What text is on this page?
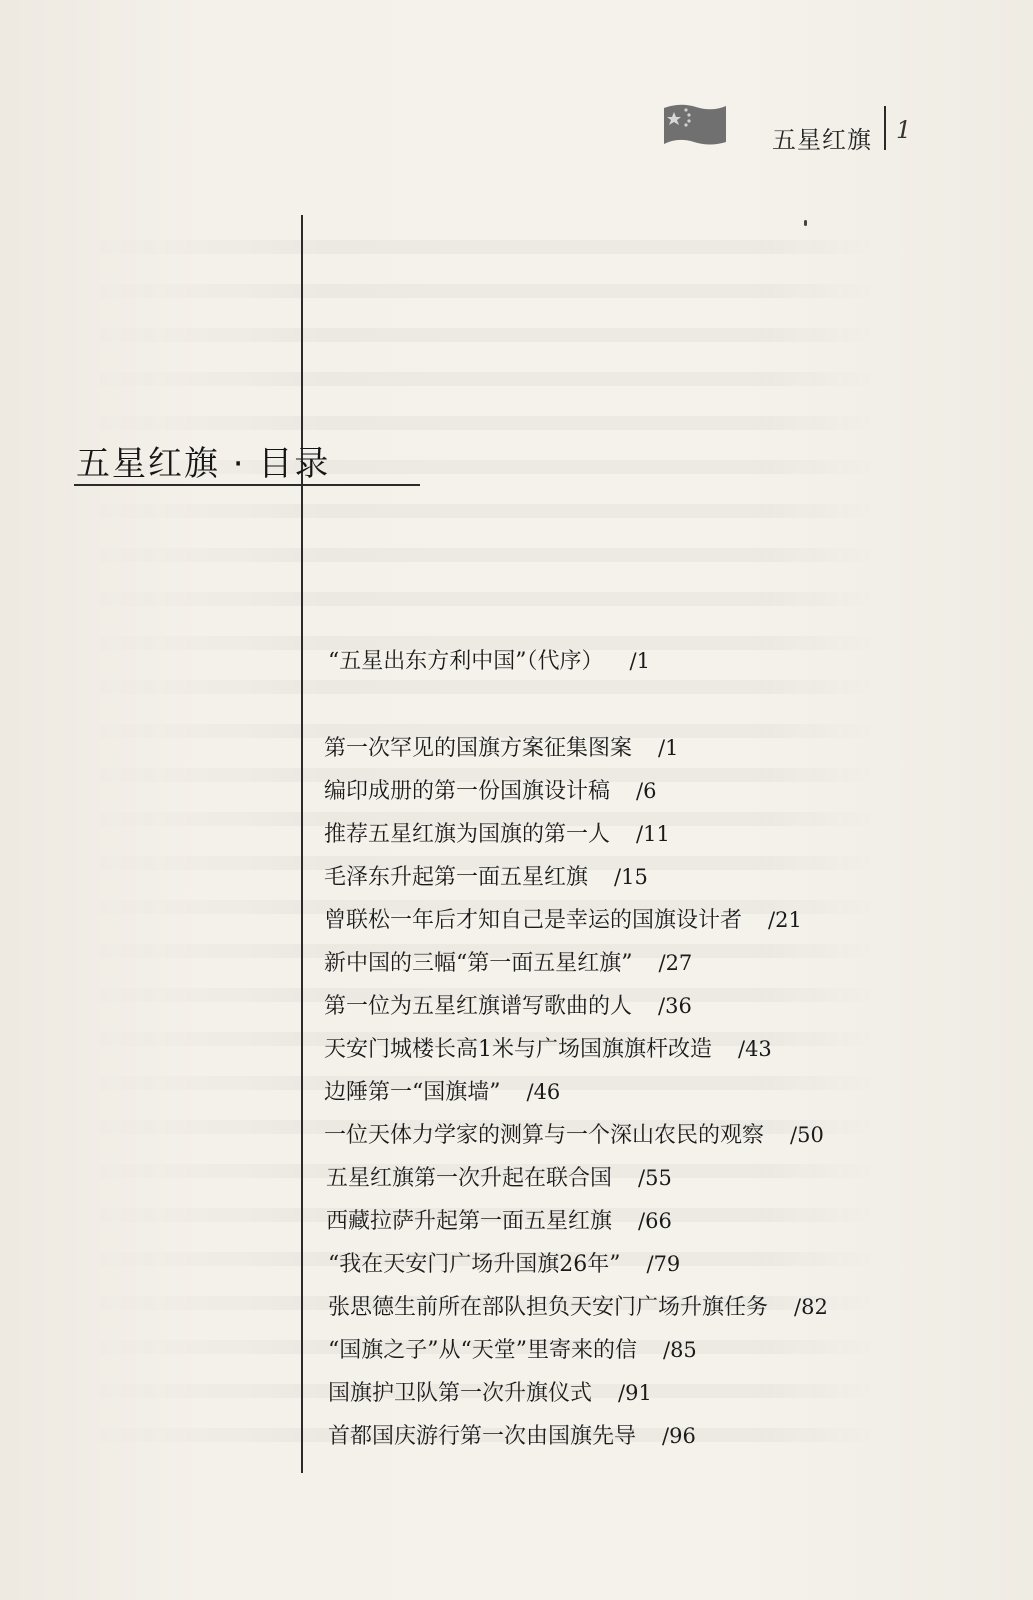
五星红旗 1
五星红旗 · 目录
“五星出东方利中国”（代序） /1
第一次罕见的国旗方案征集图案 /1
编印成册的第一份国旗设计稿 /6
推荐五星红旗为国旗的第一人 /11
毛泽东升起第一面五星红旗 /15
曾联松一年后才知自己是幸运的国旗设计者 /21
新中国的三幅“第一面五星红旗” /27
第一位为五星红旗谱写歌曲的人 /36
天安门城楼长高1米与广场国旗旗杆改造 /43
边陲第一“国旗墙” /46
一位天体力学家的测算与一个深山农民的观察 /50
五星红旗第一次升起在联合国 /55
西藏拉萨升起第一面五星红旗 /66
“我在天安门广场升国旗26年” /79
张思德生前所在部队担负天安门广场升旗任务 /82
“国旗之子”从“天堂”里寄来的信 /85
国旗护卫队第一次升旗仪式 /91
首都国庆游行第一次由国旗先导 /96
